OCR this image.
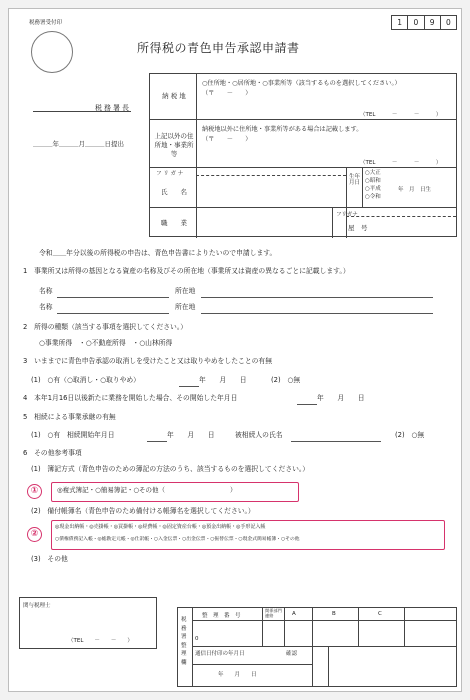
税務署受付印	1	0	9	0
所得税の青色申告承認申請書
税務署長
＿＿＿年＿＿＿月＿＿＿日提出
納 税 地
○住所地・○居所地・○事業所等（該当するものを選択してください。）
（〒　　－　　）
（TEL　　　－　　　－　　　）
上記以外の住所地・事業所等
納税地以外に住所地・事業所等がある場合は記載します。
（〒　　－　　）
（TEL　　　－　　　－　　　）
フ リ ガ ナ
氏　　名
生年月日
○大正
○昭和
○平成
○令和
年　月　日生
職　　業
フリガナ
屋　号
令和＿＿年分以後の所得税の申告は、青色申告書によりたいので申請します。
1　事業所又は所得の基因となる資産の名称及びその所在地（事業所又は資産の異なるごとに記載します。）
名称	所在地
名称	所在地
2　所得の種類（該当する事項を選択してください。）
○事業所得　・○不動産所得　・○山林所得
3　いままでに青色申告承認の取消しを受けたこと又は取りやめをしたことの有無
(1)　○有（○取消し・○取りやめ）	年　　月　　日	(2)　○無
4　本年1月16日以後新たに業務を開始した場合、その開始した年月日	年　　月　　日
5　相続による事業承継の有無
(1)　○有　相続開始年月日	年　　月　　日	被相続人の氏名	(2)　○無
6　その他参考事項
(1)　簿記方式（青色申告のための簿記の方法のうち、該当するものを選択してください。）
①	◎複式簿記・○簡易簿記・○その他（　　　　　　　　　　）
(2)　備付帳簿名（青色申告のため備付ける帳簿名を選択してください。）
②
◎現金出納帳・◎売掛帳・◎買掛帳・◎経費帳・◎固定資産台帳・◎預金出納帳・◎手形記入帳
○債権債務記入帳・◎総勘定元帳・◎仕訳帳・○入金伝票・○出金伝票・○振替伝票・○現金式簡易帳簿・○その他
(3)　その他
関与税理士
（TEL　　－　　－　　）
税務署整理欄
整　理　番　号
関係部門連絡	A	B	C
0
通信日付印の年月日	確認
年　　月　　日
